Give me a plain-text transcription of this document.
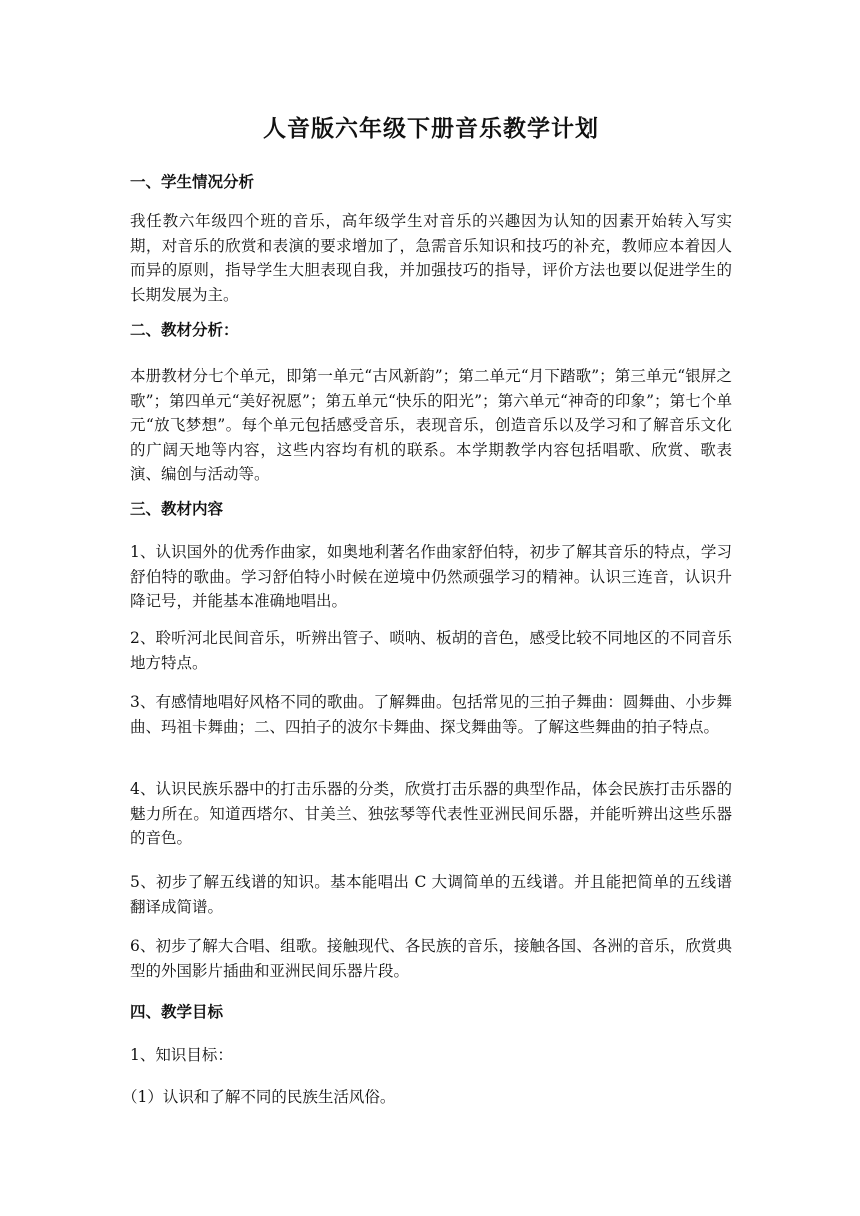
人音版六年级下册音乐教学计划
一、学生情况分析

我任教六年级四个班的音乐，高年级学生对音乐的兴趣因为认知的因素开始转入写实期，对音乐的欣赏和表演的要求增加了，急需音乐知识和技巧的补充，教师应本着因人而异的原则，指导学生大胆表现自我，并加强技巧的指导，评价方法也要以促进学生的长期发展为主。

二、教材分析：

本册教材分七个单元，即第一单元“古风新韵”；第二单元“月下踏歌”；第三单元“银屏之歌”；第四单元“美好祝愿”；第五单元“快乐的阳光”；第六单元“神奇的印象”；第七个单元“放飞梦想”。每个单元包括感受音乐，表现音乐，创造音乐以及学习和了解音乐文化的广阔天地等内容，这些内容均有机的联系。本学期教学内容包括唱歌、欣赏、歌表演、编创与活动等。

三、教材内容

1、认识国外的优秀作曲家，如奥地利著名作曲家舒伯特，初步了解其音乐的特点，学习舒伯特的歌曲。学习舒伯特小时候在逆境中仍然顽强学习的精神。认识三连音，认识升降记号，并能基本准确地唱出。

2、聆听河北民间音乐，听辨出管子、唢呐、板胡的音色，感受比较不同地区的不同音乐地方特点。

3、有感情地唱好风格不同的歌曲。了解舞曲。包括常见的三拍子舞曲：圆舞曲、小步舞曲、玛祖卡舞曲；二、四拍子的波尔卡舞曲、探戈舞曲等。了解这些舞曲的拍子特点。

4、认识民族乐器中的打击乐器的分类，欣赏打击乐器的典型作品，体会民族打击乐器的魅力所在。知道西塔尔、甘美兰、独弦琴等代表性亚洲民间乐器，并能听辨出这些乐器的音色。

5、初步了解五线谱的知识。基本能唱出 C 大调简单的五线谱。并且能把简单的五线谱翻译成简谱。

6、初步了解大合唱、组歌。接触现代、各民族的音乐，接触各国、各洲的音乐，欣赏典型的外国影片插曲和亚洲民间乐器片段。

四、教学目标

1、知识目标：

（1）认识和了解不同的民族生活风俗。
